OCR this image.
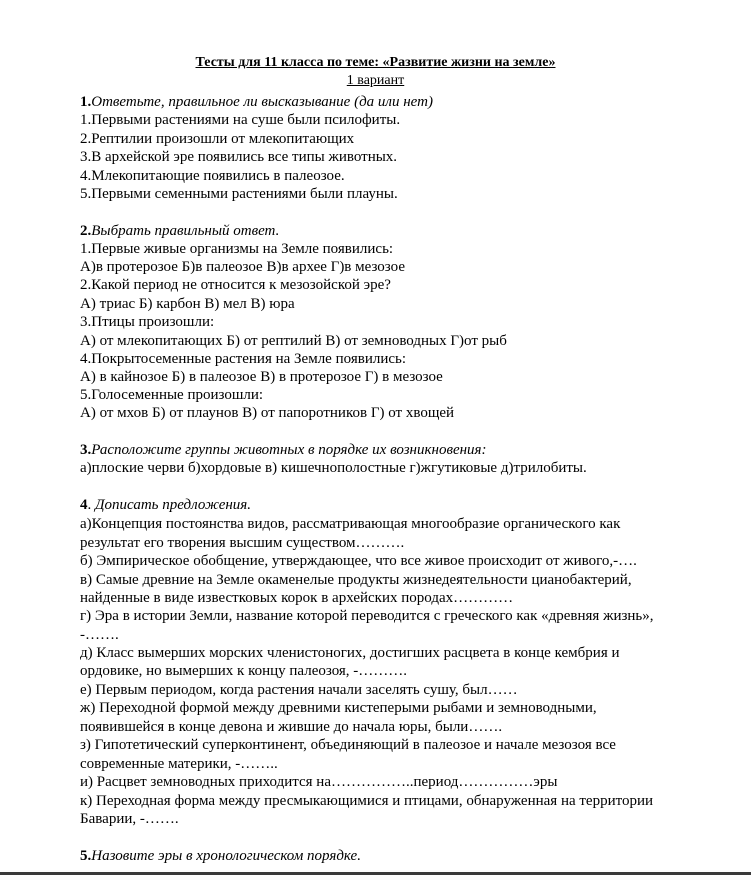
Тесты для 11 класса по теме: «Развитие жизни на земле»
1 вариант
1.Ответьте, правильное ли высказывание (да или нет)
1.Первыми растениями на суше были псилофиты.
2.Рептилии произошли от млекопитающих
3.В архейской эре появились все типы животных.
4.Млекопитающие появились в палеозое.
5.Первыми семенными растениями были плауны.
2.Выбрать правильный ответ.
1.Первые живые организмы на Земле появились:
А)в протерозое Б)в палеозое В)в архее Г)в мезозое
2.Какой период не относится к мезозойской эре?
А) триас Б) карбон В) мел В) юра
3.Птицы произошли:
А) от млекопитающих Б) от рептилий В) от земноводных Г)от рыб
4.Покрытосеменные растения на Земле появились:
А) в кайнозое Б) в палеозое В) в протерозое Г) в мезозое
5.Голосеменные произошли:
А) от мхов Б) от плаунов В) от папоротников Г) от хвощей
3.Расположите группы животных в порядке их возникновения:
а)плоские черви б)хордовые в) кишечнополостные г)жгутиковые д)трилобиты.
4. Дописать предложения.
а)Концепция постоянства видов, рассматривающая многообразие органического как
результат его творения высшим существом……….
б) Эмпирическое обобщение, утверждающее, что все живое происходит от живого,-….
в) Самые древние на Земле окаменелые продукты жизнедеятельности цианобактерий,
найденные в виде известковых корок в архейских породах…………
г) Эра в истории Земли, название которой переводится с греческого как «древняя жизнь»,
-…….
д) Класс вымерших морских членистоногих, достигших расцвета в конце кембрия и
ордовике, но вымерших к концу палеозоя, -……….
е) Первым периодом, когда растения начали заселять сушу, был……
ж) Переходной формой между древними кистеперыми рыбами и земноводными,
появившейся в конце девона и жившие до начала юры, были…….
з) Гипотетический суперконтинент, объединяющий в палеозое и начале мезозоя все
современные материки, -……..
и) Расцвет земноводных приходится на……………..период……………эры
к) Переходная форма между пресмыкающимися и птицами, обнаруженная на территории
Баварии, -…….
5.Назовите эры в хронологическом порядке.
